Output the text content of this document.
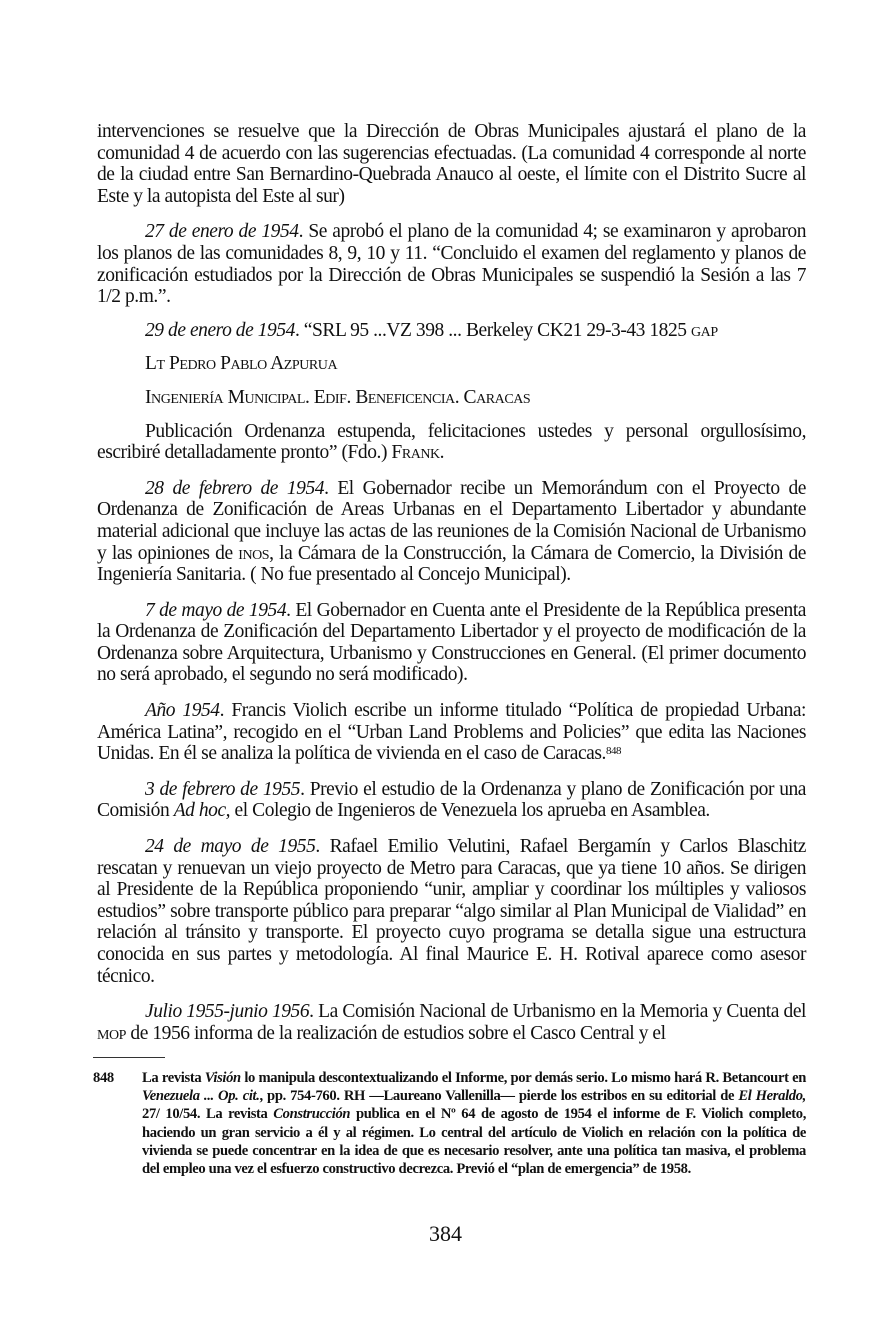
intervenciones se resuelve que la Dirección de Obras Municipales ajustará el plano de la comunidad 4 de acuerdo con las sugerencias efectuadas. (La comunidad 4 corresponde al norte de la ciudad entre San Bernardino-Quebrada Anauco al oeste, el límite con el Distrito Sucre al Este y la autopista del Este al sur)

27 de enero de 1954. Se aprobó el plano de la comunidad 4; se examinaron y aprobaron los planos de las comunidades 8, 9, 10 y 11. “Concluido el examen del reglamento y planos de zonificación estudiados por la Dirección de Obras Municipales se suspendió la Sesión a las 7 1/2 p.m.”.

29 de enero de 1954. “SRL 95 ...VZ 398 ... Berkeley CK21 29-3-43 1825 gap

Lt Pedro Pablo Azpurua

Ingeniería Municipal. Edif. Beneficencia. Caracas

Publicación Ordenanza estupenda, felicitaciones ustedes y personal orgullosísimo, escribiré detalladamente pronto” (Fdo.) Frank.

28 de febrero de 1954. El Gobernador recibe un Memorándum con el Proyecto de Ordenanza de Zonificación de Areas Urbanas en el Departamento Libertador y abundante material adicional que incluye las actas de las reuniones de la Comisión Nacional de Urbanismo y las opiniones de inos, la Cámara de la Construcción, la Cámara de Comercio, la División de Ingeniería Sanitaria. ( No fue presentado al Concejo Municipal).

7 de mayo de 1954. El Gobernador en Cuenta ante el Presidente de la República presenta la Ordenanza de Zonificación del Departamento Libertador y el proyecto de modificación de la Ordenanza sobre Arquitectura, Urbanismo y Construcciones en General. (El primer documento no será aprobado, el segundo no será modificado).

Año 1954. Francis Violich escribe un informe titulado “Política de propiedad Urbana: América Latina”, recogido en el “Urban Land Problems and Policies” que edita las Naciones Unidas. En él se analiza la política de vivienda en el caso de Caracas.$^{848}$

3 de febrero de 1955. Previo el estudio de la Ordenanza y plano de Zonificación por una Comisión Ad hoc, el Colegio de Ingenieros de Venezuela los aprueba en Asamblea.

24 de mayo de 1955. Rafael Emilio Velutini, Rafael Bergamín y Carlos Blaschitz rescatan y renuevan un viejo proyecto de Metro para Caracas, que ya tiene 10 años. Se dirigen al Presidente de la República proponiendo “unir, ampliar y coordinar los múltiples y valiosos estudios” sobre transporte público para preparar “algo similar al Plan Municipal de Vialidad” en relación al tránsito y transporte. El proyecto cuyo programa se detalla sigue una estructura conocida en sus partes y metodología. Al final Maurice E. H. Rotival aparece como asesor técnico.

Julio 1955-junio 1956. La Comisión Nacional de Urbanismo en la Memoria y Cuenta del mop de 1956 informa de la realización de estudios sobre el Casco Central y el

848	La revista Visión lo manipula descontextualizando el Informe, por demás serio. Lo mismo hará R. Betancourt en Venezuela ... Op. cit., pp. 754-760. RH —Laureano Vallenilla— pierde los estribos en su editorial de El Heraldo, 27/ 10/54. La revista Construcción publica en el Nº 64 de agosto de 1954 el informe de F. Violich completo, haciendo un gran servicio a él y al régimen. Lo central del artículo de Violich en relación con la política de vivienda se puede concentrar en la idea de que es necesario resolver, ante una política tan masiva, el problema del empleo una vez el esfuerzo constructivo decrezca. Previó el “plan de emergencia” de 1958.
384
